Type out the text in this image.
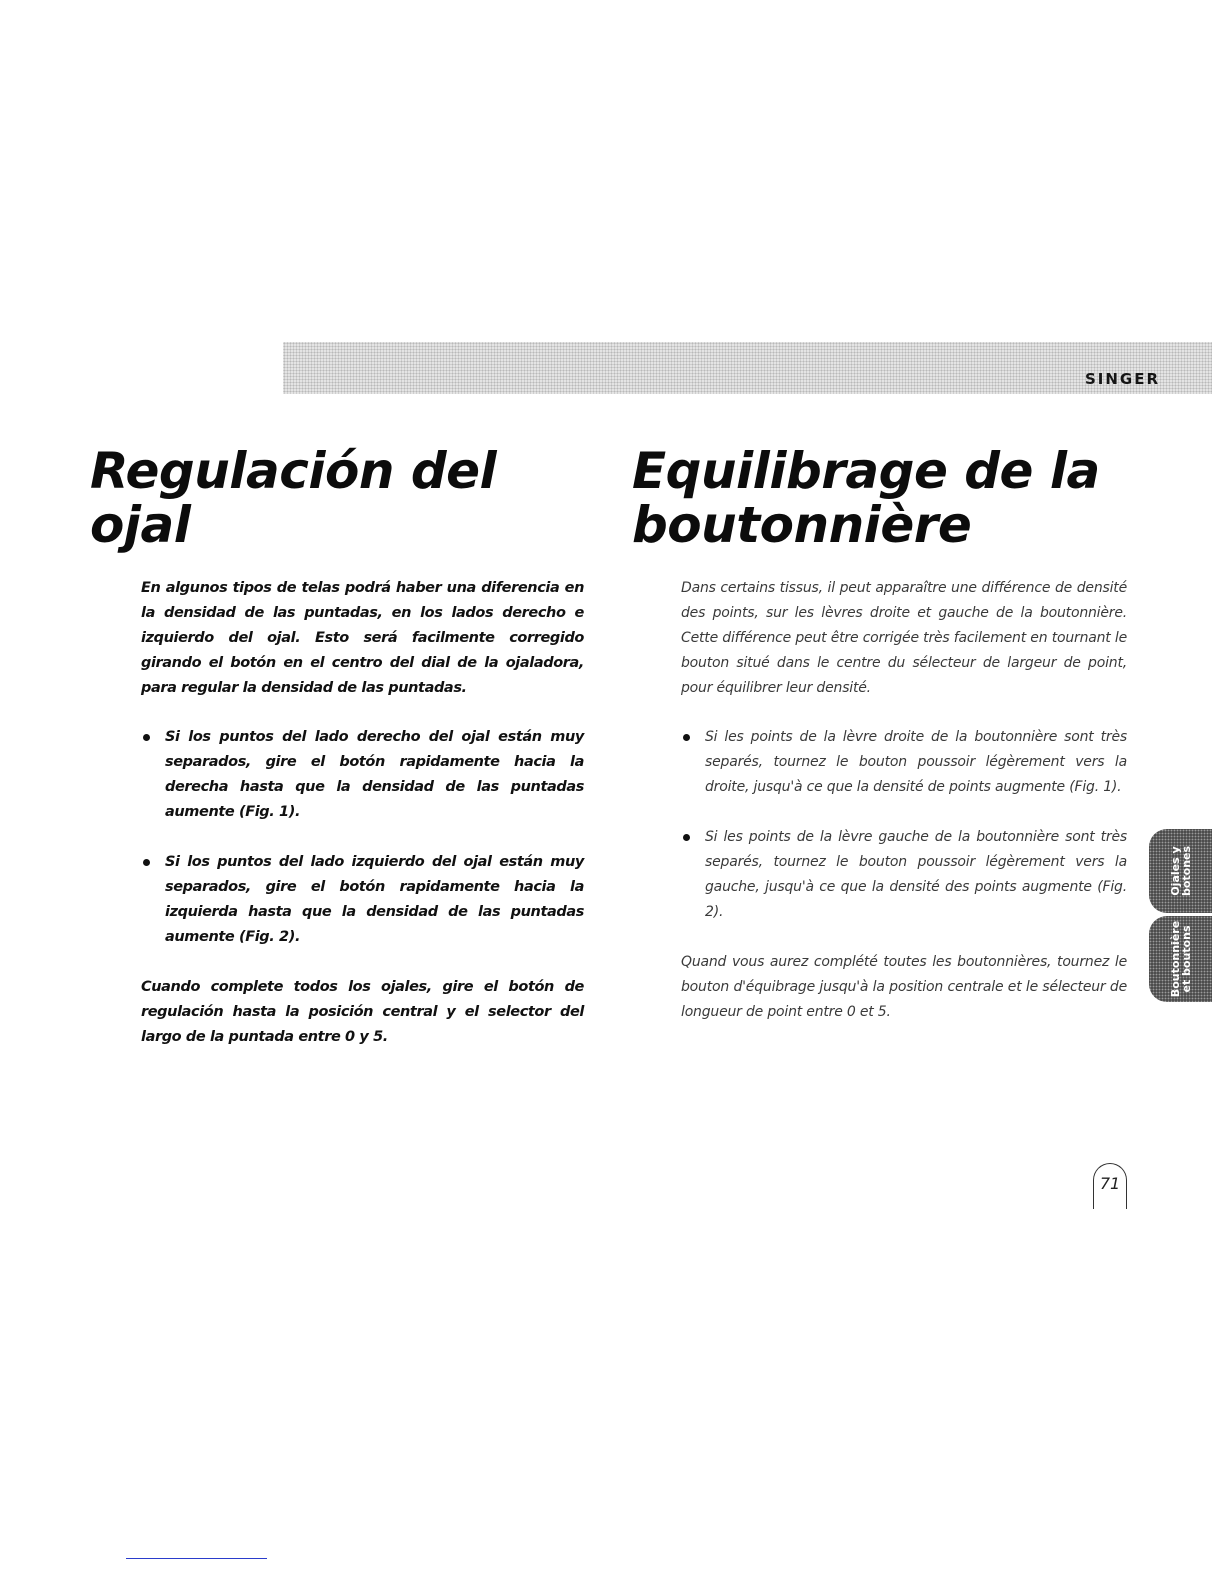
SINGER
Regulación del ojal
Equilibrage de la boutonnière

En algunos tipos de telas podrá haber una diferencia en la densidad de las puntadas, en los lados derecho e izquierdo del ojal. Esto será facilmente corregido girando el botón en el centro del dial de la ojaladora, para regular la densidad de las puntadas.

Si los puntos del lado derecho del ojal están muy separados, gire el botón rapidamente hacia la derecha hasta que la densidad de las puntadas aumente (Fig. 1).
Si los puntos del lado izquierdo del ojal están muy separados, gire el botón rapidamente hacia la izquierda hasta que la densidad de las puntadas aumente (Fig. 2).

Cuando complete todos los ojales, gire el botón de regulación hasta la posición central y el selector del largo de la puntada entre 0 y 5.

Dans certains tissus, il peut apparaître une différence de densité des points, sur les lèvres droite et gauche de la boutonnière. Cette différence peut être corrigée très facilement en tournant le bouton situé dans le centre du sélecteur de largeur de point, pour équilibrer leur densité.

Si les points de la lèvre droite de la boutonnière sont très separés, tournez le bouton poussoir légèrement vers la droite, jusqu'à ce que la densité de points augmente (Fig. 1).
Si les points de la lèvre gauche de la boutonnière sont très separés, tournez le bouton poussoir légèrement vers la gauche, jusqu'à ce que la densité des points augmente (Fig. 2).

Quand vous aurez complété toutes les boutonnières, tournez le bouton d'équibrage jusqu'à la position centrale et le sélecteur de longueur de point entre 0 et 5.

Ojales y
botones
Boutonnière
et boutons
71
